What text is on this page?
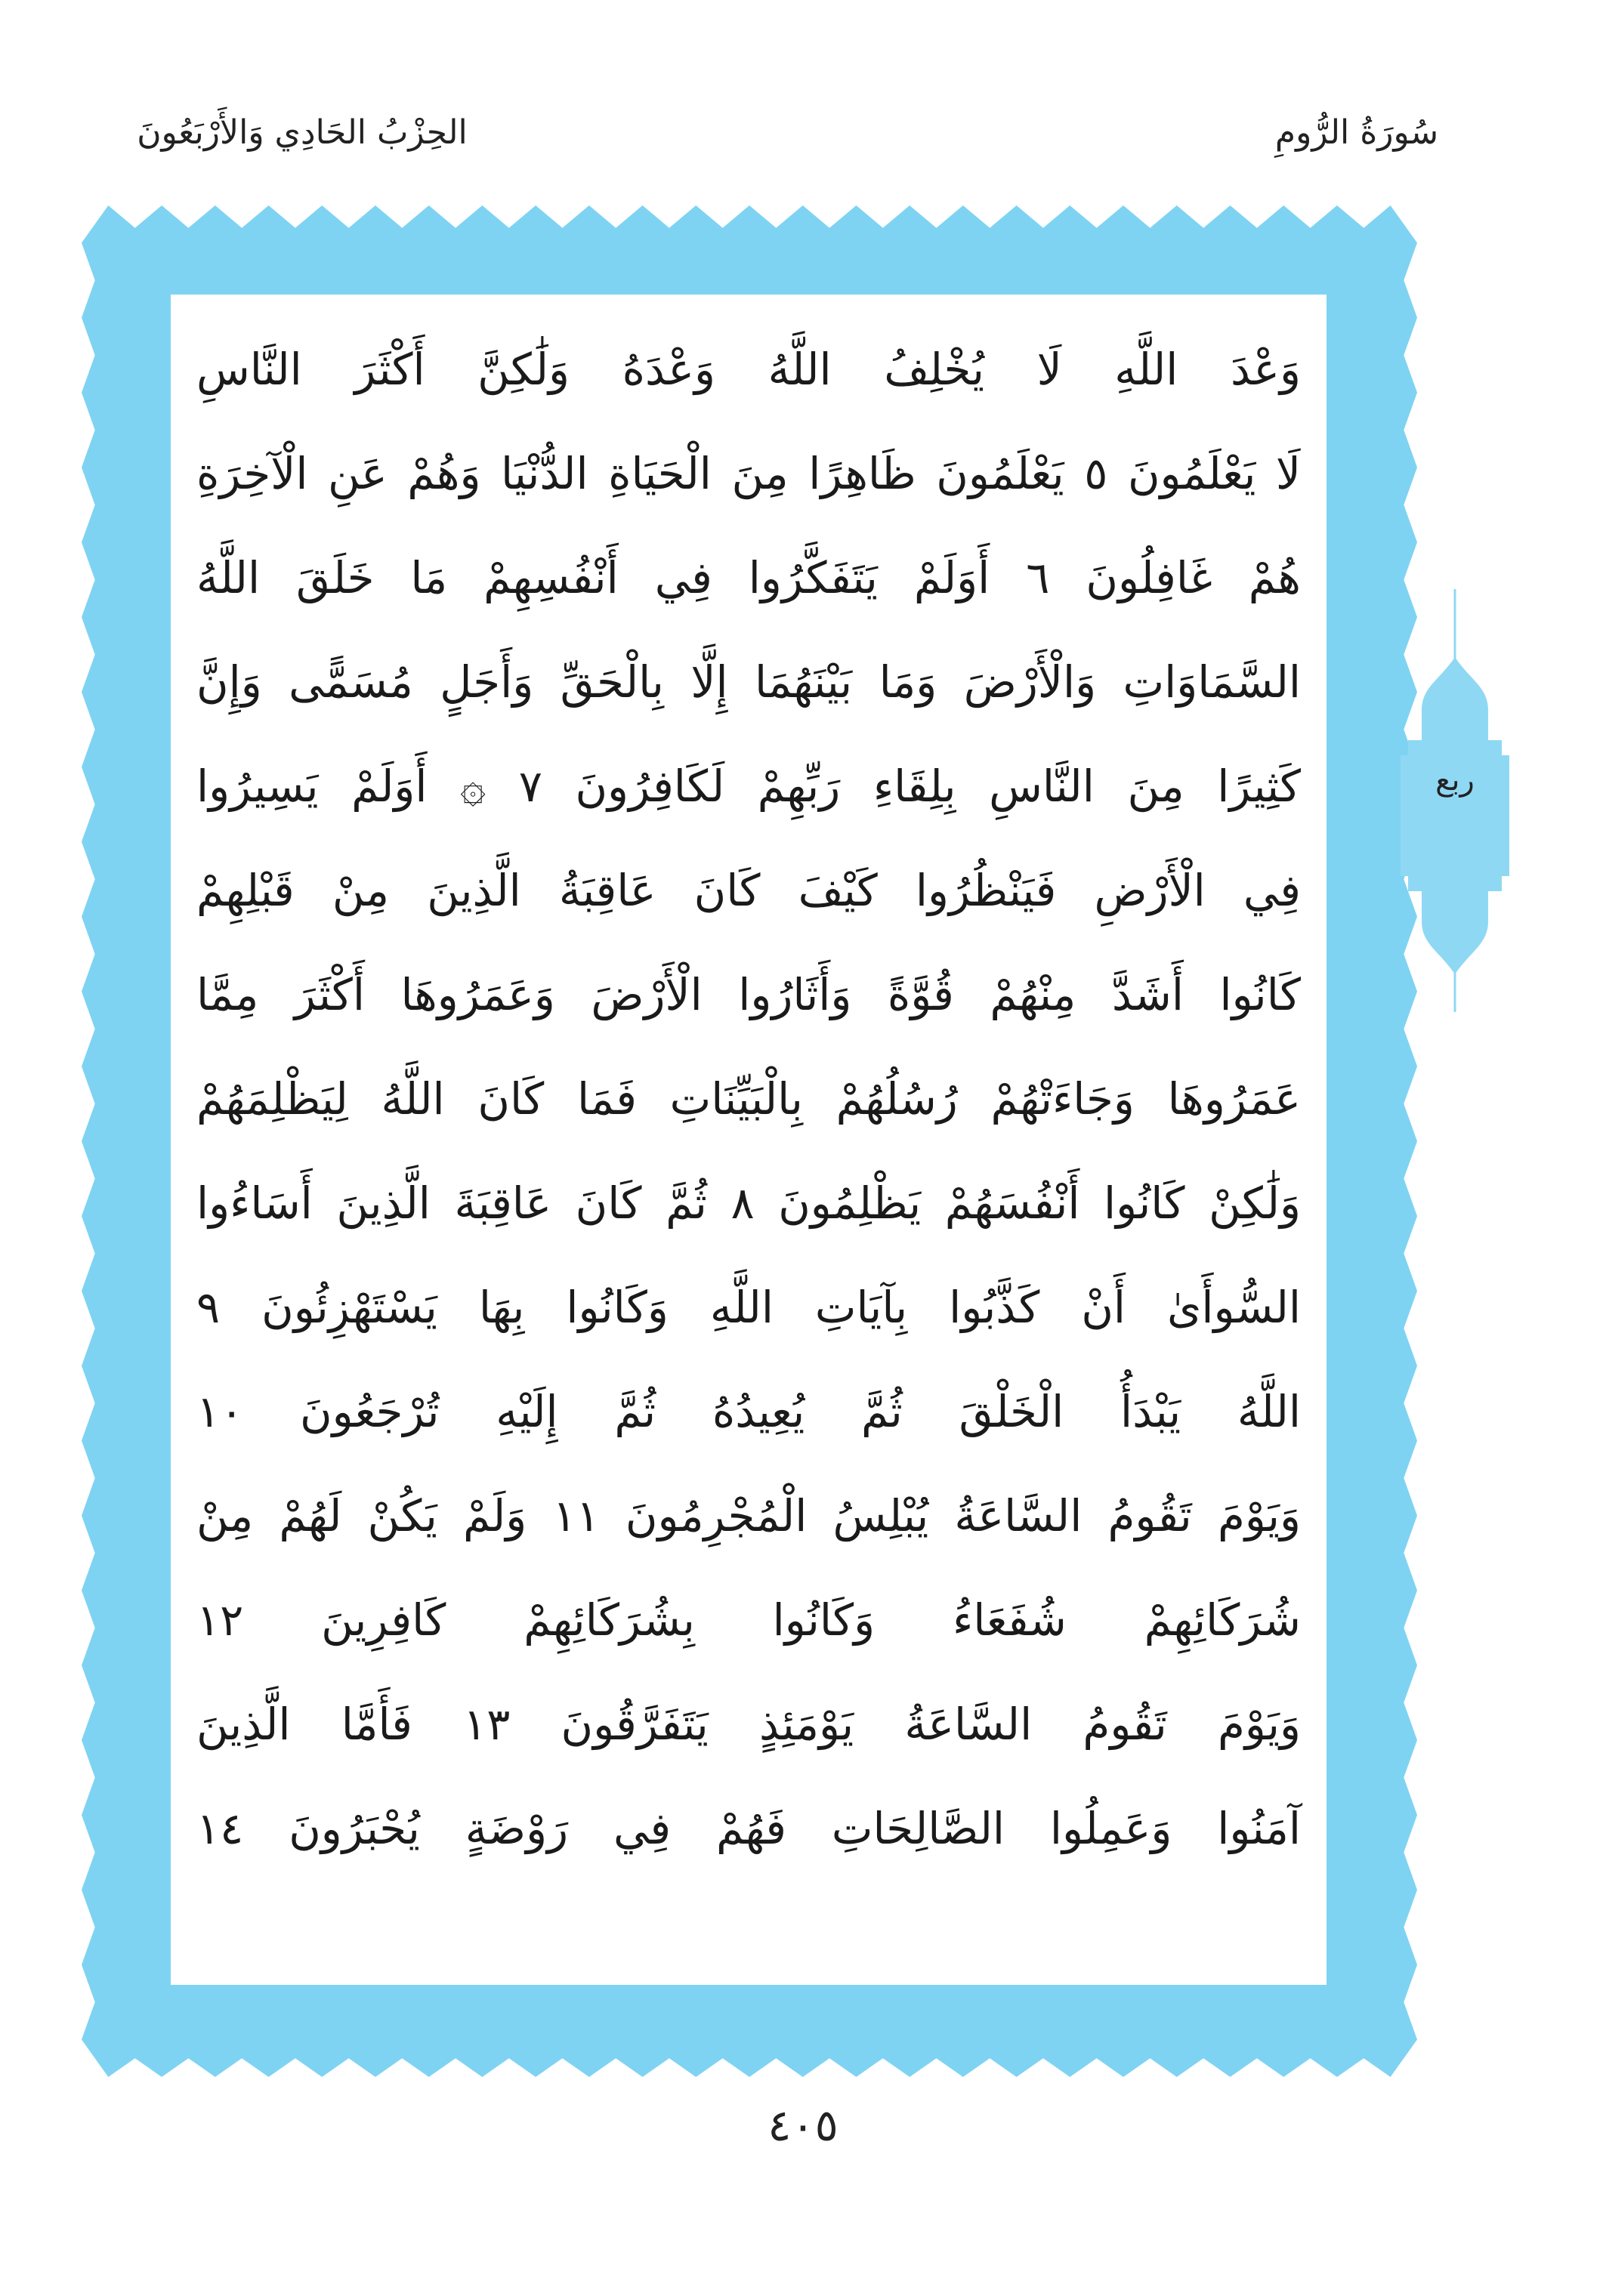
الحِزْبُ الحَادِي وَالأَرْبَعُونَ	سُورَةُ الرُّومِ
وَعْدَ اللَّهِ لَا يُخْلِفُ اللَّهُ وَعْدَهُ وَلَٰكِنَّ أَكْثَرَ النَّاسِ
لَا يَعْلَمُونَ ٥ يَعْلَمُونَ ظَاهِرًا مِنَ الْحَيَاةِ الدُّنْيَا وَهُمْ عَنِ الْآخِرَةِ
هُمْ غَافِلُونَ ٦ أَوَلَمْ يَتَفَكَّرُوا فِي أَنْفُسِهِمْ مَا خَلَقَ اللَّهُ
السَّمَاوَاتِ وَالْأَرْضَ وَمَا بَيْنَهُمَا إِلَّا بِالْحَقِّ وَأَجَلٍ مُسَمًّى وَإِنَّ
كَثِيرًا مِنَ النَّاسِ بِلِقَاءِ رَبِّهِمْ لَكَافِرُونَ ٧ ۞ أَوَلَمْ يَسِيرُوا
فِي الْأَرْضِ فَيَنْظُرُوا كَيْفَ كَانَ عَاقِبَةُ الَّذِينَ مِنْ قَبْلِهِمْ
كَانُوا أَشَدَّ مِنْهُمْ قُوَّةً وَأَثَارُوا الْأَرْضَ وَعَمَرُوهَا أَكْثَرَ مِمَّا
عَمَرُوهَا وَجَاءَتْهُمْ رُسُلُهُمْ بِالْبَيِّنَاتِ فَمَا كَانَ اللَّهُ لِيَظْلِمَهُمْ
وَلَٰكِنْ كَانُوا أَنْفُسَهُمْ يَظْلِمُونَ ٨ ثُمَّ كَانَ عَاقِبَةَ الَّذِينَ أَسَاءُوا
السُّوأَىٰ أَنْ كَذَّبُوا بِآيَاتِ اللَّهِ وَكَانُوا بِهَا يَسْتَهْزِئُونَ ٩
اللَّهُ يَبْدَأُ الْخَلْقَ ثُمَّ يُعِيدُهُ ثُمَّ إِلَيْهِ تُرْجَعُونَ ١٠
وَيَوْمَ تَقُومُ السَّاعَةُ يُبْلِسُ الْمُجْرِمُونَ ١١ وَلَمْ يَكُنْ لَهُمْ مِنْ
شُرَكَائِهِمْ شُفَعَاءُ وَكَانُوا بِشُرَكَائِهِمْ كَافِرِينَ ١٢
وَيَوْمَ تَقُومُ السَّاعَةُ يَوْمَئِذٍ يَتَفَرَّقُونَ ١٣ فَأَمَّا الَّذِينَ
آمَنُوا وَعَمِلُوا الصَّالِحَاتِ فَهُمْ فِي رَوْضَةٍ يُحْبَرُونَ ١٤
ربع
٤٠٥
